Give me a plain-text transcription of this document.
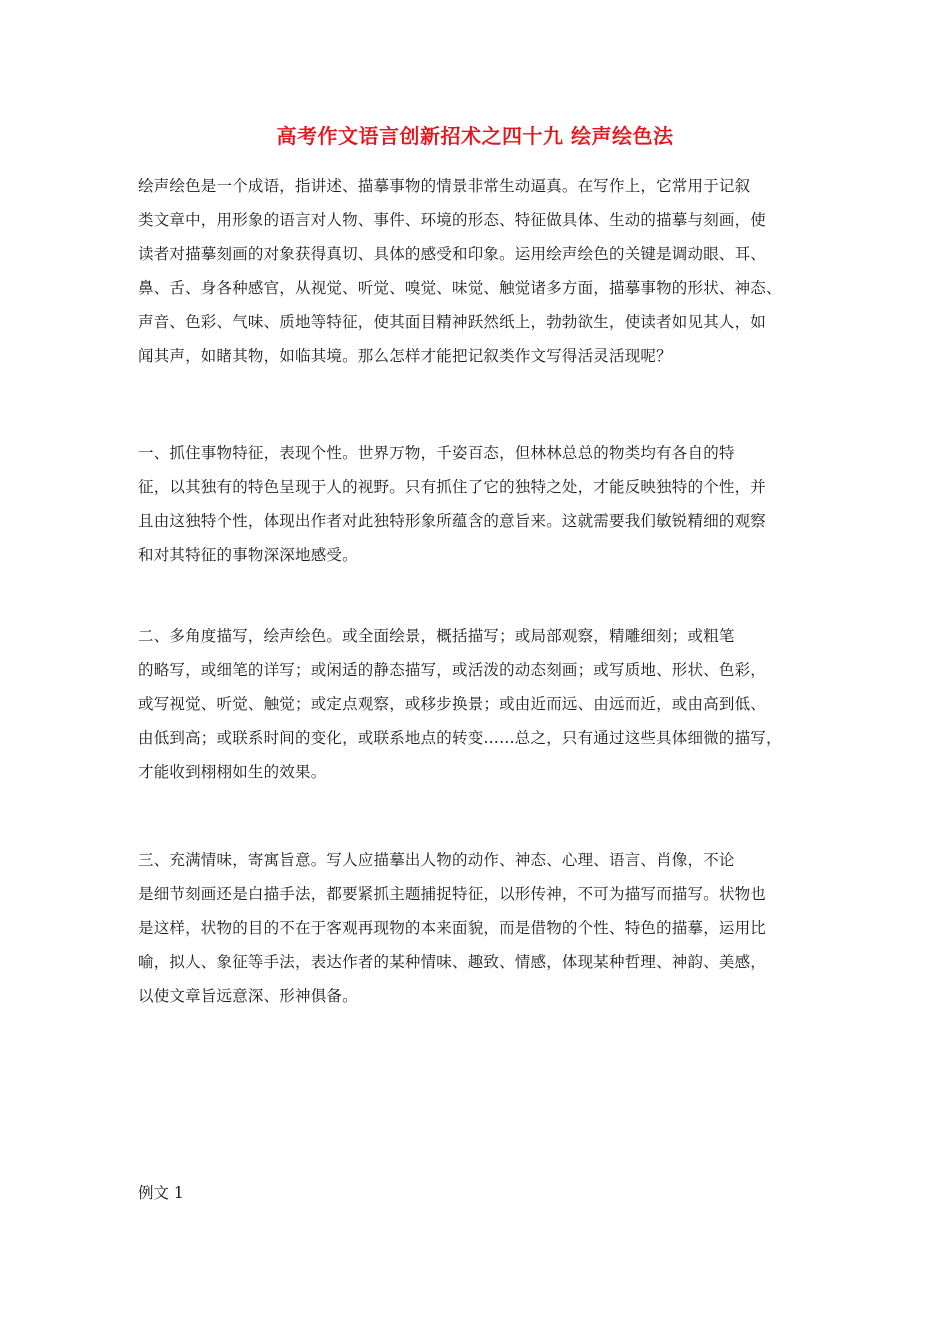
高考作文语言创新招术之四十九 绘声绘色法
绘声绘色是一个成语，指讲述、描摹事物的情景非常生动逼真。在写作上，它常用于记叙
类文章中，用形象的语言对人物、事件、环境的形态、特征做具体、生动的描摹与刻画，使
读者对描摹刻画的对象获得真切、具体的感受和印象。运用绘声绘色的关键是调动眼、耳、
鼻、舌、身各种感官，从视觉、听觉、嗅觉、味觉、触觉诸多方面，描摹事物的形状、神态、
声音、色彩、气味、质地等特征，使其面目精神跃然纸上，勃勃欲生，使读者如见其人，如
闻其声，如睹其物，如临其境。那么怎样才能把记叙类作文写得活灵活现呢？
一、抓住事物特征，表现个性。世界万物，千姿百态，但林林总总的物类均有各自的特
征，以其独有的特色呈现于人的视野。只有抓住了它的独特之处，才能反映独特的个性，并
且由这独特个性，体现出作者对此独特形象所蕴含的意旨来。这就需要我们敏锐精细的观察
和对其特征的事物深深地感受。
二、多角度描写，绘声绘色。或全面绘景，概括描写；或局部观察，精雕细刻；或粗笔
的略写，或细笔的详写；或闲适的静态描写，或活泼的动态刻画；或写质地、形状、色彩，
或写视觉、听觉、触觉；或定点观察，或移步换景；或由近而远、由远而近，或由高到低、
由低到高；或联系时间的变化，或联系地点的转变……总之，只有通过这些具体细微的描写，
才能收到栩栩如生的效果。
三、充满情味，寄寓旨意。写人应描摹出人物的动作、神态、心理、语言、肖像，不论
是细节刻画还是白描手法，都要紧抓主题捕捉特征，以形传神，不可为描写而描写。状物也
是这样，状物的目的不在于客观再现物的本来面貌，而是借物的个性、特色的描摹，运用比
喻，拟人、象征等手法，表达作者的某种情味、趣致、情感，体现某种哲理、神韵、美感，
以使文章旨远意深、形神俱备。
例文 1
